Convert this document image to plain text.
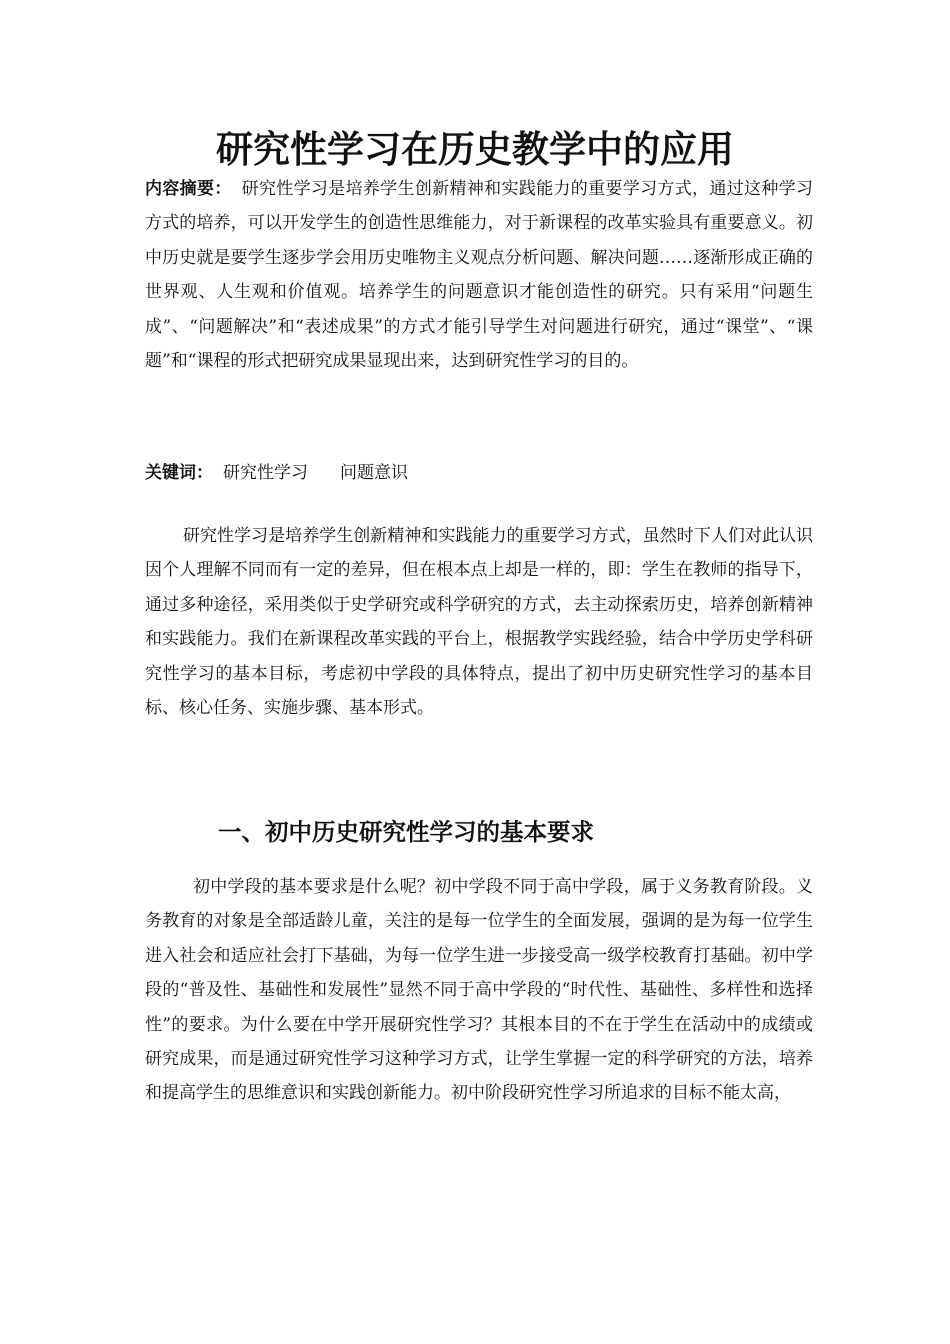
研究性学习在历史教学中的应用

内容摘要： 研究性学习是培养学生创新精神和实践能力的重要学习方式，通过这种学习方式的培养，可以开发学生的创造性思维能力，对于新课程的改革实验具有重要意义。初中历史就是要学生逐步学会用历史唯物主义观点分析问题、解决问题……逐渐形成正确的世界观、人生观和价值观。培养学生的问题意识才能创造性的研究。只有采用“问题生成”、“问题解决”和“表述成果”的方式才能引导学生对问题进行研究，通过“课堂”、“课题”和“课程的形式把研究成果显现出来，达到研究性学习的目的。

关键词： 研究性学习 问题意识

研究性学习是培养学生创新精神和实践能力的重要学习方式，虽然时下人们对此认识因个人理解不同而有一定的差异，但在根本点上却是一样的，即：学生在教师的指导下，通过多种途径，采用类似于史学研究或科学研究的方式，去主动探索历史，培养创新精神和实践能力。我们在新课程改革实践的平台上，根据教学实践经验，结合中学历史学科研究性学习的基本目标，考虑初中学段的具体特点，提出了初中历史研究性学习的基本目标、核心任务、实施步骤、基本形式。

一、初中历史研究性学习的基本要求

初中学段的基本要求是什么呢？初中学段不同于高中学段，属于义务教育阶段。义务教育的对象是全部适龄儿童，关注的是每一位学生的全面发展，强调的是为每一位学生进入社会和适应社会打下基础，为每一位学生进一步接受高一级学校教育打基础。初中学段的“普及性、基础性和发展性”显然不同于高中学段的“时代性、基础性、多样性和选择性”的要求。为什么要在中学开展研究性学习？其根本目的不在于学生在活动中的成绩或研究成果，而是通过研究性学习这种学习方式，让学生掌握一定的科学研究的方法，培养和提高学生的思维意识和实践创新能力。初中阶段研究性学习所追求的目标不能太高，
